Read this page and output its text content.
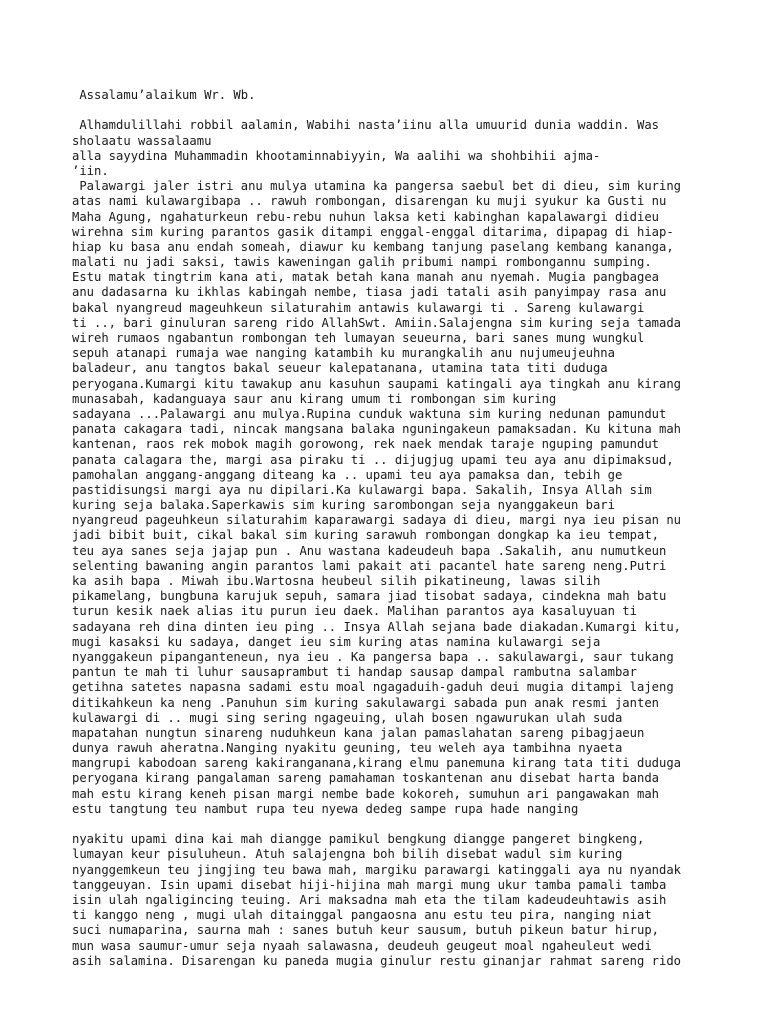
Assalamu’alaikum Wr. Wb.
Alhamdulillahi robbil aalamin, Wabihi nasta’iinu alla umuurid dunia waddin. Was
sholaatu wassalaamu
alla sayydina Muhammadin khootaminnabiyyin, Wa aalihi wa shohbihii ajma-
’iin.
Palawargi jaler istri anu mulya utamina ka pangersa saebul bet di dieu, sim kuring
atas nami kulawargibapa .. rawuh rombongan, disarengan ku muji syukur ka Gusti nu
Maha Agung, ngahaturkeun rebu-rebu nuhun laksa keti kabinghan kapalawargi didieu
wirehna sim kuring parantos gasik ditampi enggal-enggal ditarima, dipapag di hiap-
hiap ku basa anu endah someah, diawur ku kembang tanjung paselang kembang kananga,
malati nu jadi saksi, tawis kaweningan galih pribumi nampi rombongannu sumping.
Estu matak tingtrim kana ati, matak betah kana manah anu nyemah. Mugia pangbagea
anu dadasarna ku ikhlas kabingah nembe, tiasa jadi tatali asih panyimpay rasa anu
bakal nyangreud mageuhkeun silaturahim antawis kulawargi ti . Sareng kulawargi
ti .., bari ginuluran sareng rido AllahSwt. Amiin.Salajengna sim kuring seja tamada
wireh rumaos ngabantun rombongan teh lumayan seueurna, bari sanes mung wungkul
sepuh atanapi rumaja wae nanging katambih ku murangkalih anu nujumeujeuhna
baladeur, anu tangtos bakal seueur kalepatanana, utamina tata titi duduga
peryogana.Kumargi kitu tawakup anu kasuhun saupami katingali aya tingkah anu kirang
munasabah, kadanguaya saur anu kirang umum ti rombongan sim kuring
sadayana ...Palawargi anu mulya.Rupina cunduk waktuna sim kuring nedunan pamundut
panata cakagara tadi, nincak mangsana balaka nguningakeun pamaksadan. Ku kituna mah
kantenan, raos rek mobok magih gorowong, rek naek mendak taraje nguping pamundut
panata calagara the, margi asa piraku ti .. dijugjug upami teu aya anu dipimaksud,
pamohalan anggang-anggang diteang ka .. upami teu aya pamaksa dan, tebih ge
pastidisungsi margi aya nu dipilari.Ka kulawargi bapa. Sakalih, Insya Allah sim
kuring seja balaka.Saperkawis sim kuring sarombongan seja nyanggakeun bari
nyangreud pageuhkeun silaturahim kaparawargi sadaya di dieu, margi nya ieu pisan nu
jadi bibit buit, cikal bakal sim kuring sarawuh rombongan dongkap ka ieu tempat,
teu aya sanes seja jajap pun . Anu wastana kadeudeuh bapa .Sakalih, anu numutkeun
selenting bawaning angin parantos lami pakait ati pacantel hate sareng neng.Putri
ka asih bapa . Miwah ibu.Wartosna heubeul silih pikatineung, lawas silih
pikamelang, bungbuna karujuk sepuh, samara jiad tisobat sadaya, cindekna mah batu
turun kesik naek alias itu purun ieu daek. Malihan parantos aya kasaluyuan ti
sadayana reh dina dinten ieu ping .. Insya Allah sejana bade diakadan.Kumargi kitu,
mugi kasaksi ku sadaya, danget ieu sim kuring atas namina kulawargi seja
nyanggakeun pipanganteneun, nya ieu . Ka pangersa bapa .. sakulawargi, saur tukang
pantun te mah ti luhur sausaprambut ti handap sausap dampal rambutna salambar
getihna satetes napasna sadami estu moal ngagaduih-gaduh deui mugia ditampi lajeng
ditikahkeun ka neng .Panuhun sim kuring sakulawargi sabada pun anak resmi janten
kulawargi di .. mugi sing sering ngageuing, ulah bosen ngawurukan ulah suda
mapatahan nungtun sinareng nuduhkeun kana jalan pamaslahatan sareng pibagjaeun
dunya rawuh aheratna.Nanging nyakitu geuning, teu weleh aya tambihna nyaeta
mangrupi kabodoan sareng kakiranganana,kirang elmu panemuna kirang tata titi duduga
peryogana kirang pangalaman sareng pamahaman toskantenan anu disebat harta banda
mah estu kirang keneh pisan margi nembe bade kokoreh, sumuhun ari pangawakan mah
estu tangtung teu nambut rupa teu nyewa dedeg sampe rupa hade nanging
nyakitu upami dina kai mah diangge pamikul bengkung diangge pangeret bingkeng,
lumayan keur pisuluheun. Atuh salajengna boh bilih disebat wadul sim kuring
nyanggemkeun teu jingjing teu bawa mah, margiku parawargi katinggali aya nu nyandak
tanggeuyan. Isin upami disebat hiji-hijina mah margi mung ukur tamba pamali tamba
isin ulah ngaligincing teuing. Ari maksadna mah eta the tilam kadeudeuhtawis asih
ti kanggo neng , mugi ulah ditainggal pangaosna anu estu teu pira, nanging niat
suci numaparina, saurna mah : sanes butuh keur sausum, butuh pikeun batur hirup,
mun wasa saumur-umur seja nyaah salawasna, deudeuh geugeut moal ngaheuleut wedi
asih salamina. Disarengan ku paneda mugia ginulur restu ginanjar rahmat sareng rido
